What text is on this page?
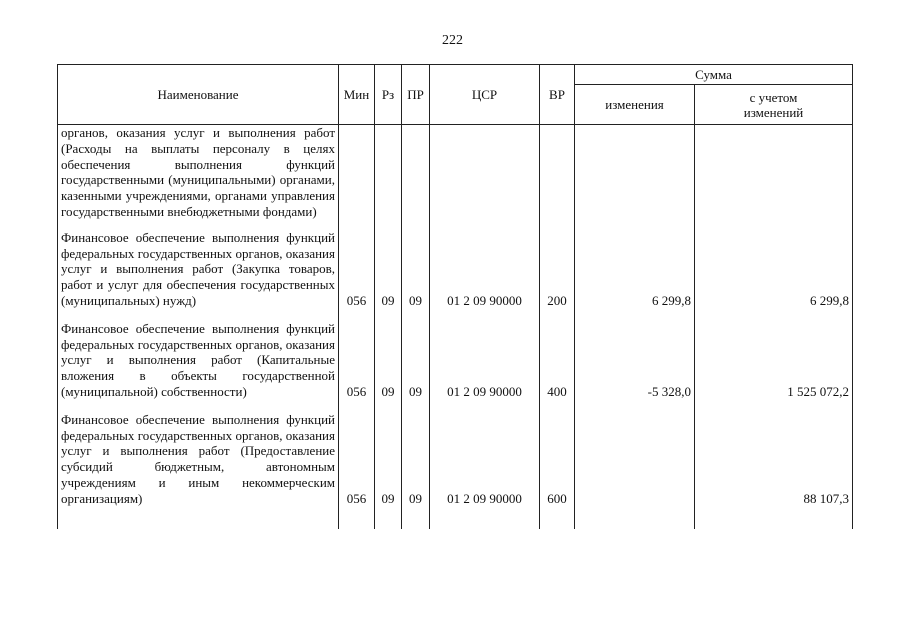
222
Наименование	Мин	Рз	ПР	ЦСР	ВР	Сумма	
						изменения	с учетом изменений
органов, оказания услуг и выполнения работ (Расходы на выплаты персоналу в целях обеспечения выполнения функций государственными (муниципальными) органами, казенными учреждениями, органами управления государственными внебюджетными фондами)							
Финансовое обеспечение выполнения функций федеральных государственных органов, оказания услуг и выполнения работ (Закупка товаров, работ и услуг для обеспечения государственных (муниципальных) нужд)	056	09	09	01 2 09 90000	200	6 299,8	6 299,8

Финансовое обеспечение выполнения функций федеральных государственных органов, оказания услуг и выполнения работ (Капитальные вложения в объекты государственной (муниципальной) собственности)	056	09	09	01 2 09 90000	400	-5 328,0	1 525 072,2

Финансовое обеспечение выполнения функций федеральных государственных органов, оказания услуг и выполнения работ (Предоставление субсидий бюджетным, автономным учреждениям и иным некоммерческим организациям)	056	09	09	01 2 09 90000	600		88 107,3
